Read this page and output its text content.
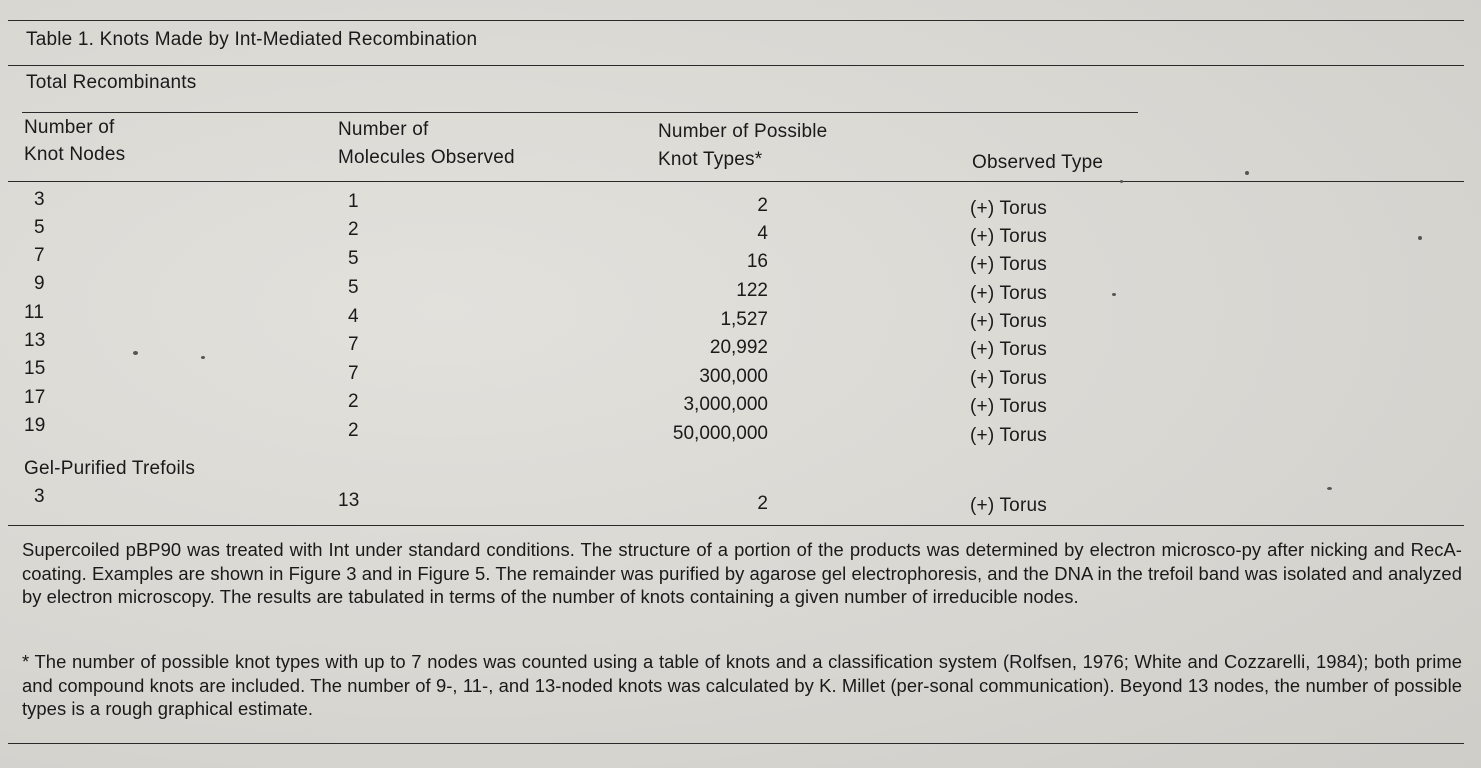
Table 1. Knots Made by Int-Mediated Recombination
Total Recombinants
Number of
Knot Nodes
Number of
Molecules Observed
Number of Possible
Knot Types*	Observed Type
3	1	2	(+) Torus
5	2	4	(+) Torus
7	5	16	(+) Torus
9	5	122	(+) Torus
11	4	1,527	(+) Torus
13	7	20,992	(+) Torus
15	7	300,000	(+) Torus
17	2	3,000,000	(+) Torus
19	2	50,000,000	(+) Torus
Gel-Purified Trefoils
3	13	2	(+) Torus
Supercoiled pBP90 was treated with Int under standard conditions. The structure of a portion of the products was determined by electron microsco-py after nicking and RecA-coating. Examples are shown in Figure 3 and in Figure 5. The remainder was purified by agarose gel electrophoresis, and the DNA in the trefoil band was isolated and analyzed by electron microscopy. The results are tabulated in terms of the number of knots containing a given number of irreducible nodes.
* The number of possible knot types with up to 7 nodes was counted using a table of knots and a classification system (Rolfsen, 1976; White and Cozzarelli, 1984); both prime and compound knots are included. The number of 9-, 11-, and 13-noded knots was calculated by K. Millet (per-sonal communication). Beyond 13 nodes, the number of possible types is a rough graphical estimate.
